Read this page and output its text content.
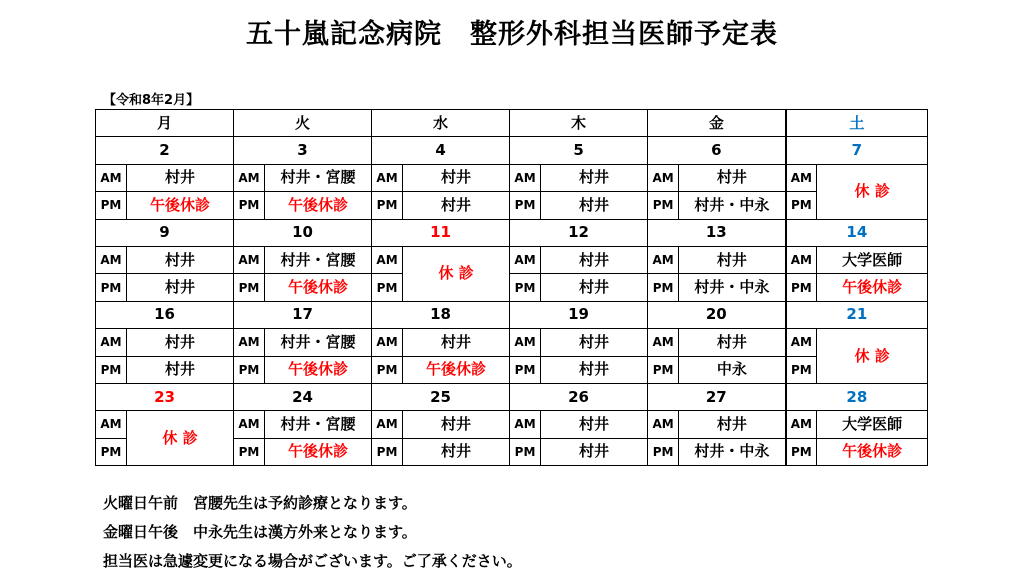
五十嵐記念病院　整形外科担当医師予定表
【令和8年2月】
月		火		水		木		金		土	
2		3		4		5		6		7	
AM	村井	AM	村井・宮腰	AM	村井	AM	村井	AM	村井	AM	休 診
PM	午後休診	PM	午後休診	PM	村井	PM	村井	PM	村井・中永	PM	
9		10		11		12		13		14	
AM	村井	AM	村井・宮腰	AM	休 診	AM	村井	AM	村井	AM	大学医師
PM	村井	PM	午後休診	PM		PM	村井	PM	村井・中永	PM	午後休診
16		17		18		19		20		21	
AM	村井	AM	村井・宮腰	AM	村井	AM	村井	AM	村井	AM	休 診
PM	村井	PM	午後休診	PM	午後休診	PM	村井	PM	中永	PM	
23		24		25		26		27		28	
AM	休 診	AM	村井・宮腰	AM	村井	AM	村井	AM	村井	AM	大学医師
PM		PM	午後休診	PM	村井	PM	村井	PM	村井・中永	PM	午後休診
火曜日午前　宮腰先生は予約診療となります。
金曜日午後　中永先生は漢方外来となります。
担当医は急遽変更になる場合がございます。ご了承ください。
